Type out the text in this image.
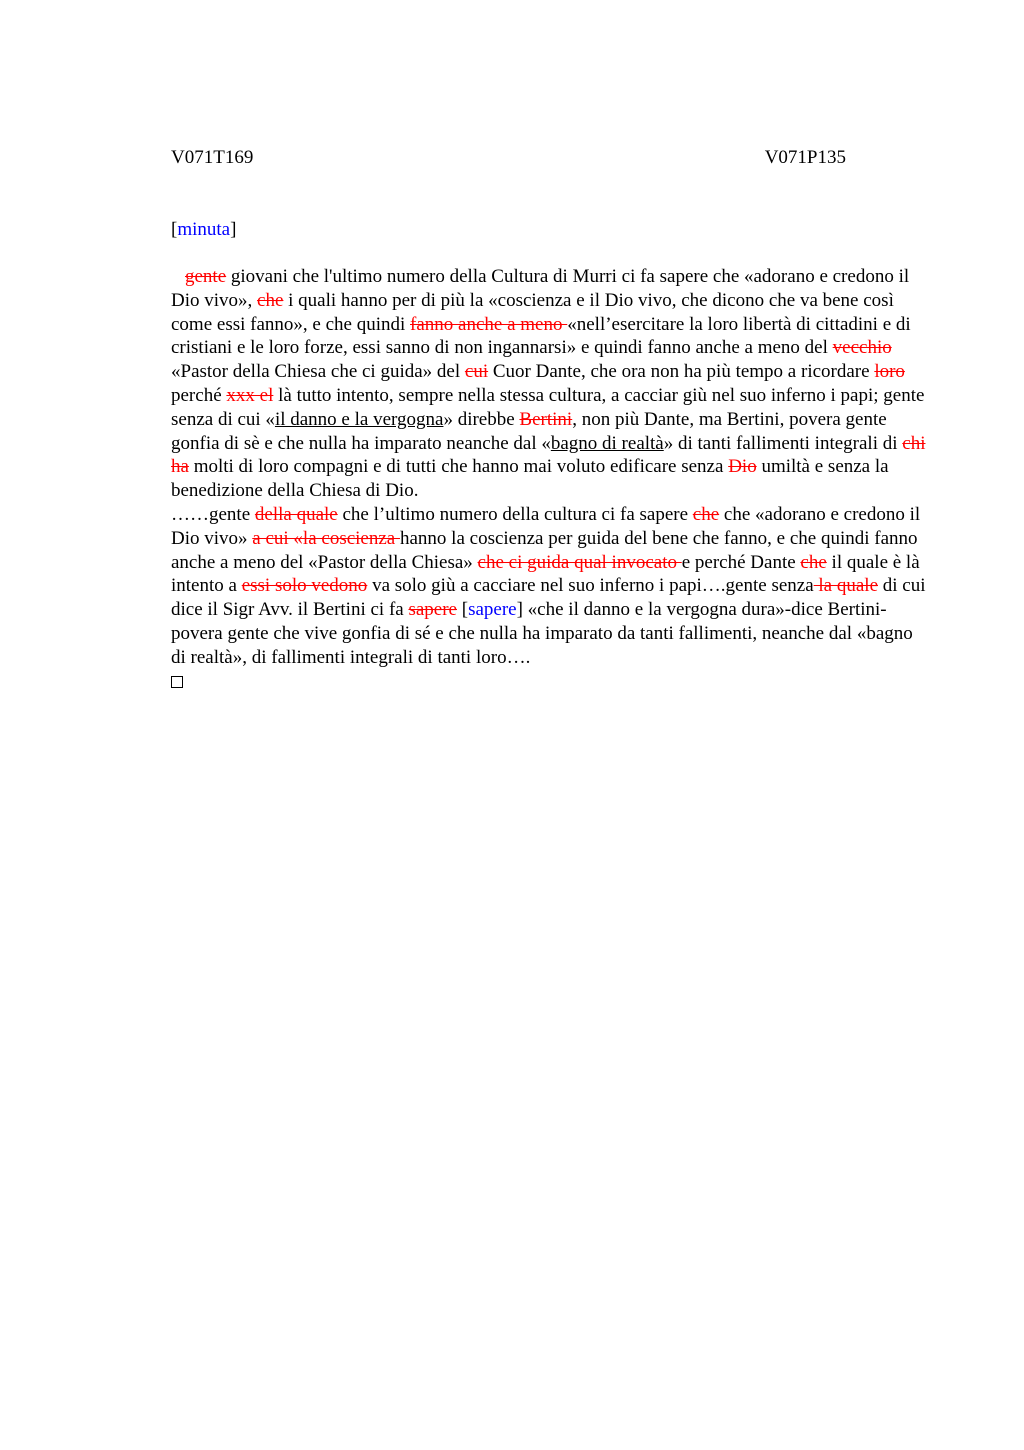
V071T169	V071P135
[minuta]

gente giovani che l'ultimo numero della Cultura di Murri ci fa sapere che «adorano e credono il Dio vivo», che i quali hanno per di più la «coscienza e il Dio vivo, che dicono che va bene così come essi fanno», e che quindi fanno anche a meno «nell’esercitare la loro libertà di cittadini e di cristiani e le loro forze, essi sanno di non ingannarsi» e quindi fanno anche a meno del vecchio «Pastor della Chiesa che ci guida» del cui Cuor Dante, che ora non ha più tempo a ricordare loro perché xxx el là tutto intento, sempre nella stessa cultura, a cacciar giù nel suo inferno i papi; gente senza di cui «il danno e la vergogna» direbbe Bertini, non più Dante, ma Bertini, povera gente gonfia di sè e che nulla ha imparato neanche dal «bagno di realtà» di tanti fallimenti integrali di chi ha molti di loro compagni e di tutti che hanno mai voluto edificare senza Dio umiltà e senza la benedizione della Chiesa di Dio.

……gente della quale che l’ultimo numero della cultura ci fa sapere che che «adorano e credono il Dio vivo» a cui «la coscienza hanno la coscienza per guida del bene che fanno, e che quindi fanno anche a meno del «Pastor della Chiesa» che ci guida qual invocato e perché Dante che il quale è là intento a essi solo vedono va solo giù a cacciare nel suo inferno i papi….gente senza la quale di cui dice il Sigr Avv. il Bertini ci fa sapere [sapere] «che il danno e la vergogna dura»-dice Bertini- povera gente che vive gonfia di sé e che nulla ha imparato da tanti fallimenti, neanche dal «bagno di realtà», di fallimenti integrali di tanti loro….
